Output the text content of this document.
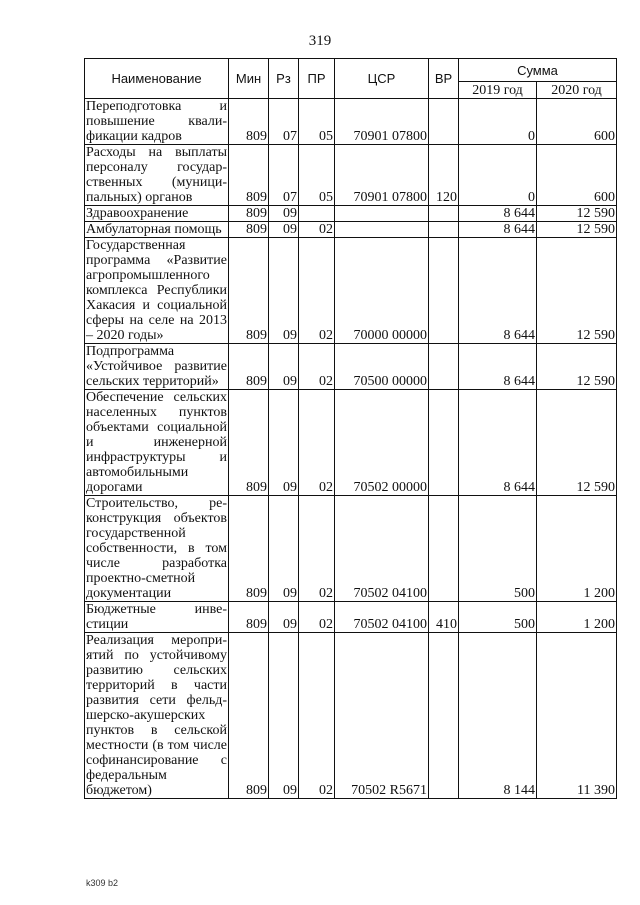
319
Наименование	Мин	Рз	ПР	ЦСР	ВР	Сумма	
						2019 год	2020 год
Переподготовка и повышение квалификации кадров	809	07	05	70901 07800		0	600
Расходы на выплаты персоналу государственных (муниципальных) органов	809	07	05	70901 07800	120	0	600
Здравоохранение	809	09				8 644	12 590
Амбулаторная помощь	809	09	02			8 644	12 590
Государственная программа «Развитие агропромышленного комплекса Республики Хакасия и социальной сферы на селе на 2013 – 2020 годы»	809	09	02	70000 00000		8 644	12 590
Подпрограмма «Устойчивое развитие сельских территорий»	809	09	02	70500 00000		8 644	12 590
Обеспечение сельских населенных пунктов объектами социальной и инженерной инфраструктуры и автомобильными дорогами	809	09	02	70502 00000		8 644	12 590
Строительство, реконструкция объектов государственной собственности, в том числе разработка проектно-сметной документации	809	09	02	70502 04100		500	1 200
Бюджетные инвестиции	809	09	02	70502 04100	410	500	1 200
Реализация мероприятий по устойчивому развитию сельских территорий в части развития сети фельдшерско-акушерских пунктов в сельской местности (в том числе софинансирование с федеральным бюджетом)	809	09	02	70502 R5671		8 144	11 390
k309 b2
